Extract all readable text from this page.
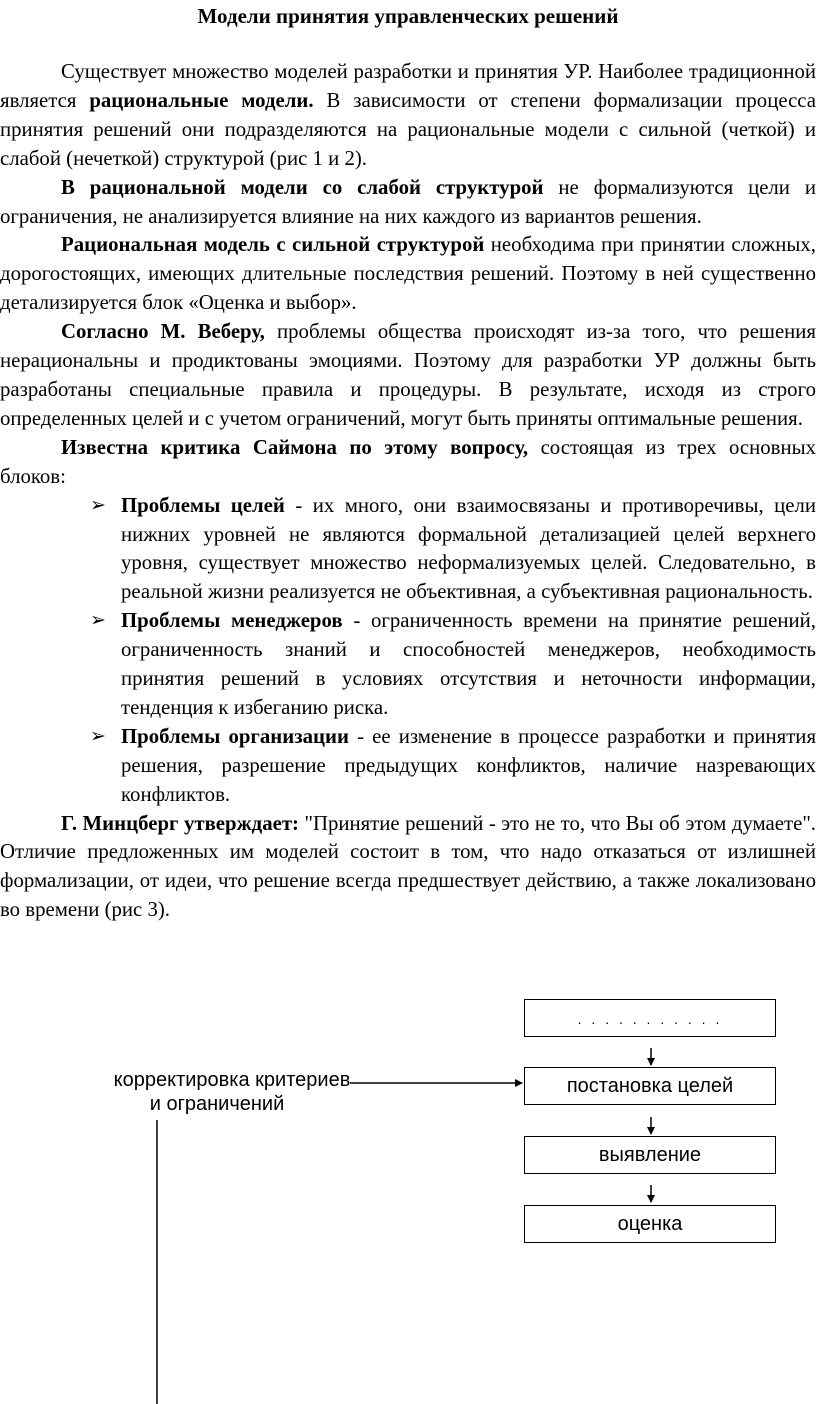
Модели принятия управленческих решений

Существует множество моделей разработки и принятия УР. Наиболее традиционной является рациональные модели. В зависимости от степени формализации процесса принятия решений они подразделяются на рациональные модели с сильной (четкой) и слабой (нечеткой) структурой (рис 1 и 2).

В рациональной модели со слабой структурой не формализуются цели и ограничения, не анализируется влияние на них каждого из вариантов решения.

Рациональная модель с сильной структурой необходима при принятии сложных, дорогостоящих, имеющих длительные последствия решений. Поэтому в ней существенно детализируется блок «Оценка и выбор».

Согласно М. Веберу, проблемы общества происходят из-за того, что решения нерациональны и продиктованы эмоциями. Поэтому для разработки УР должны быть разработаны специальные правила и процедуры. В результате, исходя из строго определенных целей и с учетом ограничений, могут быть приняты оптимальные решения.

Известна критика Саймона по этому вопросу, состоящая из трех основных блоков:

➢ Проблемы целей - их много, они взаимосвязаны и противоречивы, цели нижних уровней не являются формальной детализацией целей верхнего уровня, существует множество неформализуемых целей. Следовательно, в реальной жизни реализуется не объективная, а субъективная рациональность.
➢ Проблемы менеджеров - ограниченность времени на принятие решений, ограниченность знаний и способностей менеджеров, необходимость принятия решений в условиях отсутствия и неточности информации, тенденция к избеганию риска.
➢ Проблемы организации - ее изменение в процессе разработки и принятия решения, разрешение предыдущих конфликтов, наличие назревающих конфликтов.

Г. Минцберг утверждает: "Принятие решений - это не то, что Вы об этом думаете". Отличие предложенных им моделей состоит в том, что надо отказаться от излишней формализации, от идеи, что решение всегда предшествует действию, а также локализовано во времени (рис 3).

. . . . . . . . . . .
постановка целей
выявление
оценка
корректировка критериев
и ограничений
